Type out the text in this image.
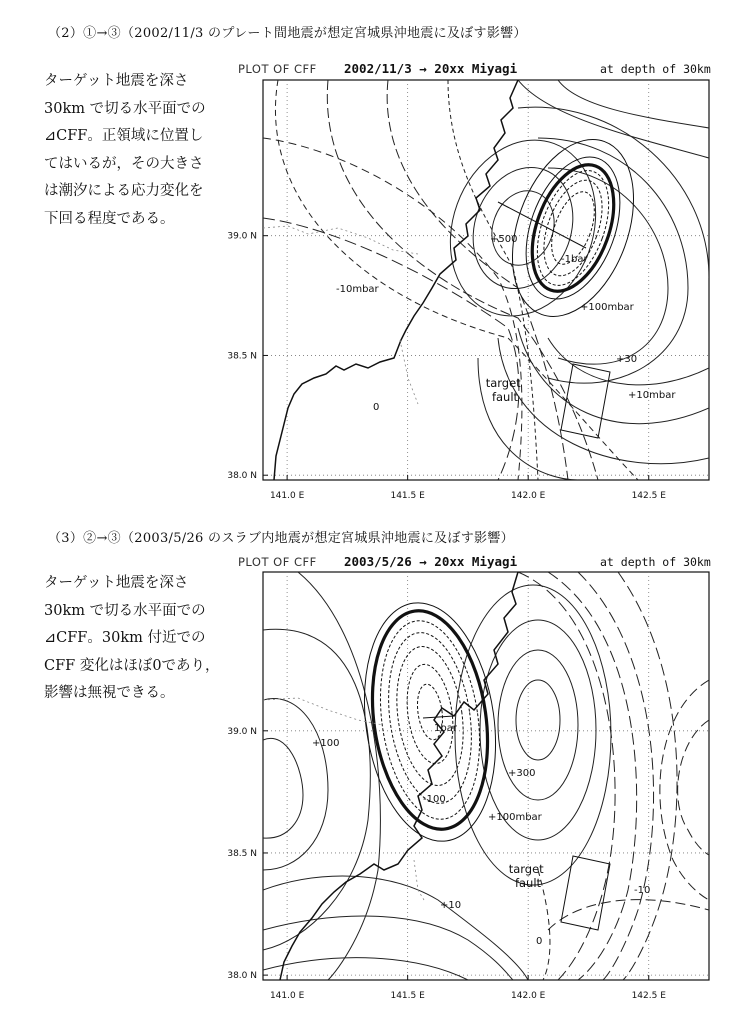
（2）①→③（2002/11/3 のプレート間地震が想定宮城県沖地震に及ぼす影響）
ターゲット地震を深さ
30km で切る水平面での
⊿CFF。正領域に位置し
てはいるが，その大きさ
は潮汐による応力変化を
下回る程度である。
PLOT OF CFF 2002/11/3 → 20xx Miyagi	at depth of 30km
+500
-1bar
-10mbar
+100mbar
+30
+10mbar
0
target fault
141.0 E	141.5 E	142.0 E	142.5 E
39.0 N
38.5 N
38.0 N
（3）②→③（2003/5/26 のスラブ内地震が想定宮城県沖地震に及ぼす影響）
ターゲット地震を深さ
30km で切る水平面での
⊿CFF。30km 付近での
CFF 変化はほぼ0であり，
影響は無視できる。
PLOT OF CFF 2003/5/26 → 20xx Miyagi	at depth of 30km
1bar
+100
+300
-100
+100mbar
+10
-10
0
target fault
141.0 E	141.5 E	142.0 E	142.5 E
39.0 N
38.5 N
38.0 N
